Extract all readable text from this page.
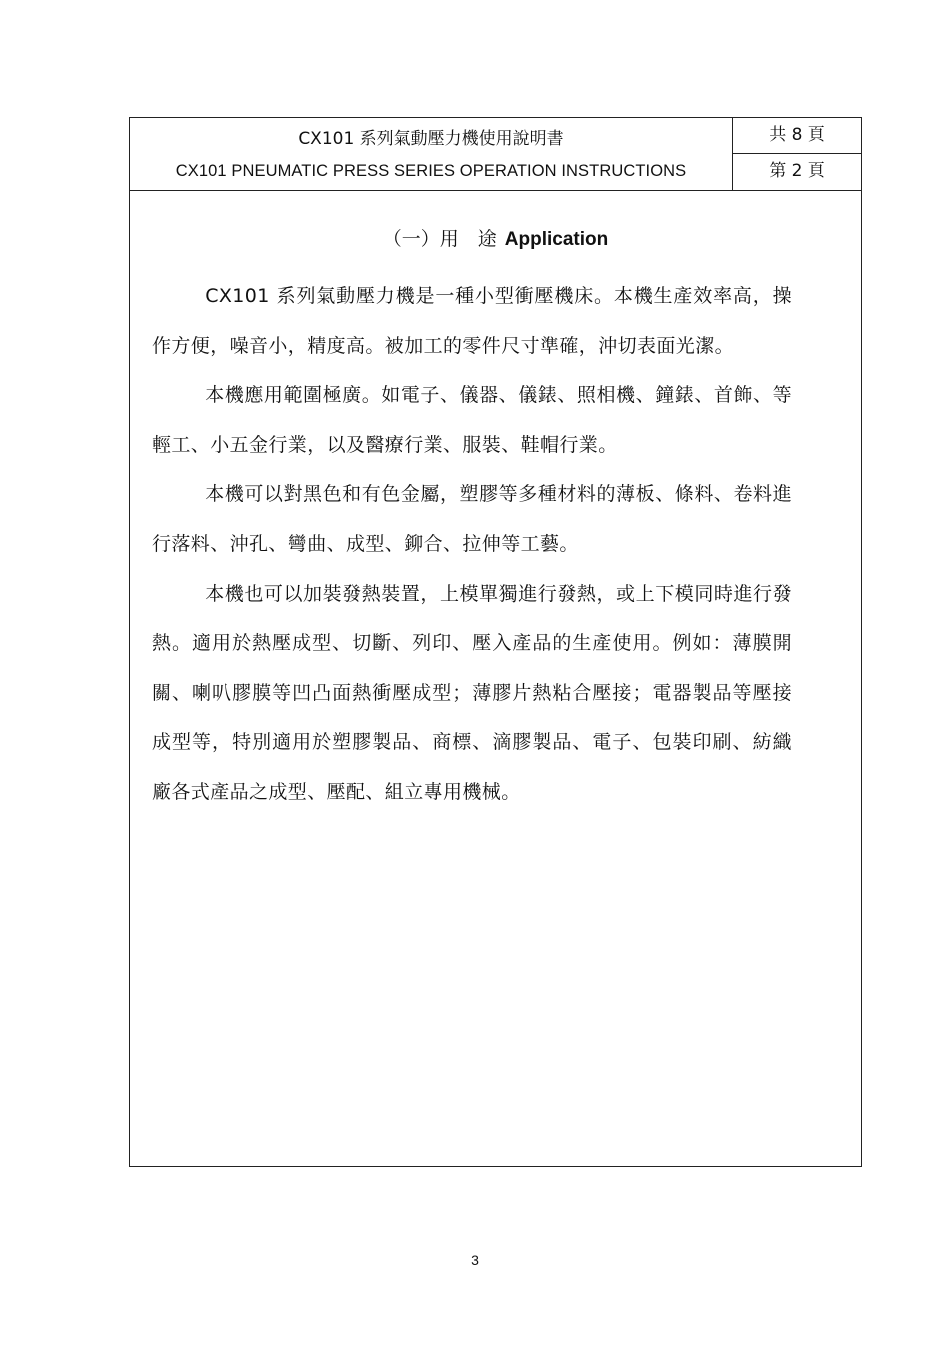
CX101 系列氣動壓力機使用說明書
CX101 PNEUMATIC PRESS SERIES OPERATION INSTRUCTIONS
共 8 頁
第 2 頁
（一）用　途 Application

CX101 系列氣動壓力機是一種小型衝壓機床。本機生產效率高，操作方便，噪音小，精度高。被加工的零件尺寸準確，沖切表面光潔。

本機應用範圍極廣。如電子、儀器、儀錶、照相機、鐘錶、首飾、等輕工、小五金行業，以及醫療行業、服裝、鞋帽行業。

本機可以對黑色和有色金屬，塑膠等多種材料的薄板、條料、卷料進行落料、沖孔、彎曲、成型、鉚合、拉伸等工藝。

本機也可以加裝發熱裝置，上模單獨進行發熱，或上下模同時進行發熱。適用於熱壓成型、切斷、列印、壓入產品的生產使用。例如：薄膜開關、喇叭膠膜等凹凸面熱衝壓成型；薄膠片熱粘合壓接；電器製品等壓接成型等，特別適用於塑膠製品、商標、滴膠製品、電子、包裝印刷、紡織廠各式產品之成型、壓配、組立專用機械。

3
